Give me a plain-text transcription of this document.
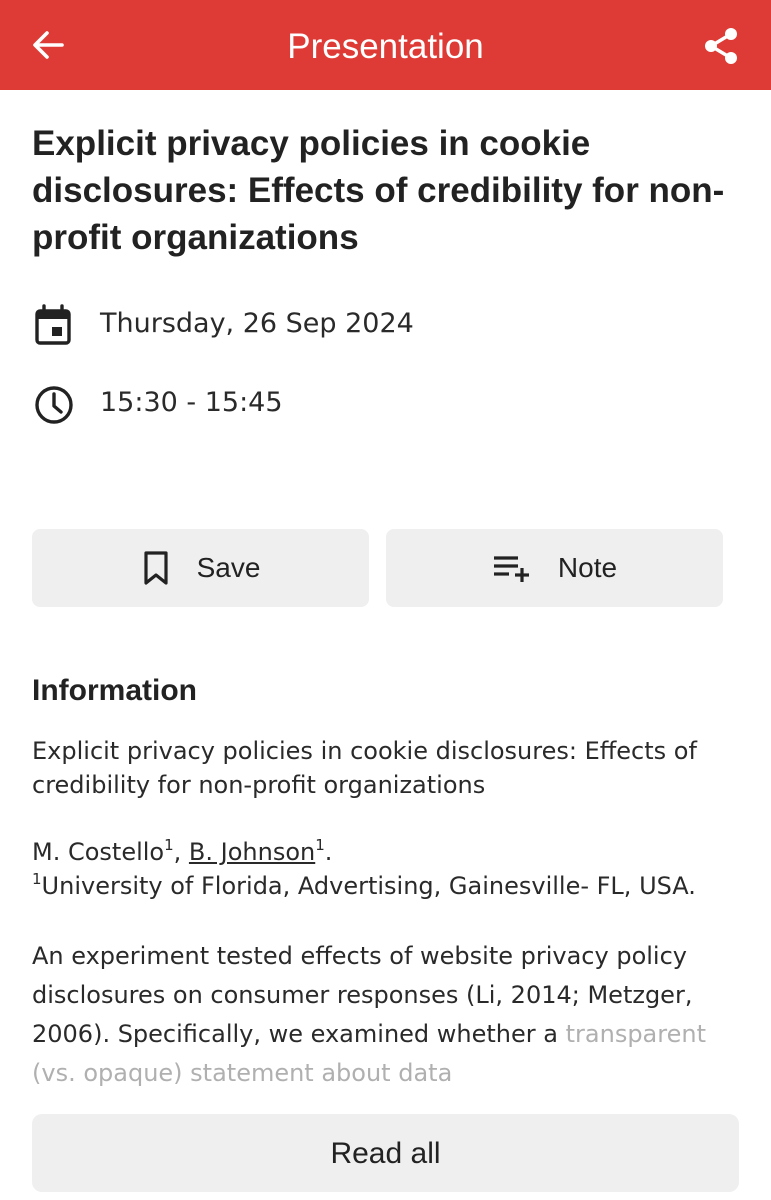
Presentation
Explicit privacy policies in cookie disclosures: Effects of credibility for non-profit organizations
Thursday, 26 Sep 2024
15:30 - 15:45
Save	Note
Information
Explicit privacy policies in cookie disclosures: Effects of credibility for non-profit organizations
M. Costello$^1$, B. Johnson$^1$.
$^1$University of Florida, Advertising, Gainesville- FL, USA.
An experiment tested effects of website privacy policy disclosures on consumer responses (Li, 2014; Metzger, 2006). Specifically, we examined whether a transparent (vs. opaque) statement about data
Read all
